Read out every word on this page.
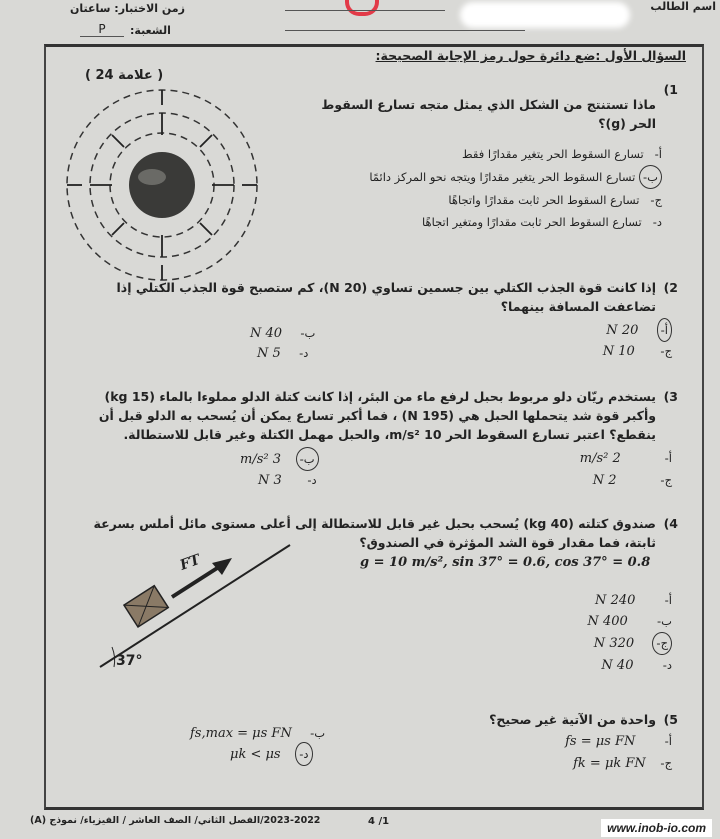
اسم الطالب
زمن الاختبار: ساعتان
الشعبة:
P
السؤال الأول :ضع دائرة حول رمز الإجابة الصحيحة:
( 24 علامة )
1)
ماذا تستنتج من الشكل الذي يمثل متجه تسارع السقوط الحر (g)؟
أ-   تسارع السقوط الحر يتغير مقدارًا فقط
ب- تسارع السقوط الحر يتغير مقدارًا ويتجه نحو المركز دائمًا
ج-   تسارع السقوط الحر ثابت مقدارًا واتجاهًا
د-   تسارع السقوط الحر ثابت مقدارًا ومتغير اتجاهًا
2)
إذا كانت قوة الجذب الكتلي بين جسمين تساوي (20 N)، كم ستصبح قوة الجذب الكتلي إذا تضاعفت المسافة بينهما؟
أ-     20 N
ج-       10 N
ب-     40 N
د-     5 N
3)
يستخدم ريّان دلو مربوط بحبل لرفع ماء من البئر، إذا كانت كتلة الدلو مملوءا بالماء (15 kg) وأكبر قوة شد يتحملها الحبل هي (195 N) ، فما أكبر تسارع يمكن أن يُسحب به الدلو قبل أن ينقطع؟ اعتبر تسارع السقوط الحر 10 m/s²، والحبل مهمل الكتلة وغير قابل للاستطالة.
أ-            2 m/s²
ج-            2 N
ب-    3 m/s²
د-       3 N
4)
صندوق كتلته (40 kg) يُسحب بحبل غير قابل للاستطالة إلى أعلى مستوى مائل أملس بسرعة ثابتة، فما مقدار قوة الشد المؤثرة في الصندوق؟
g = 10 m/s², sin 37° = 0.6, cos 37° = 0.8
FT
37°
أ-        240 N
ب-        400 N
ج-     320 N
د-        40 N
5)
واحدة من الآتية غير صحيح؟
أ-        fs = μs FN
ج-    fk = μk FN
ب-     fs,max = μs FN
د-    μk < μs
2023-2022/الفصل الثاني/ الصف العاشر / الفيزياء/ نموذج (A)	4 /1	www.inob-io.com
